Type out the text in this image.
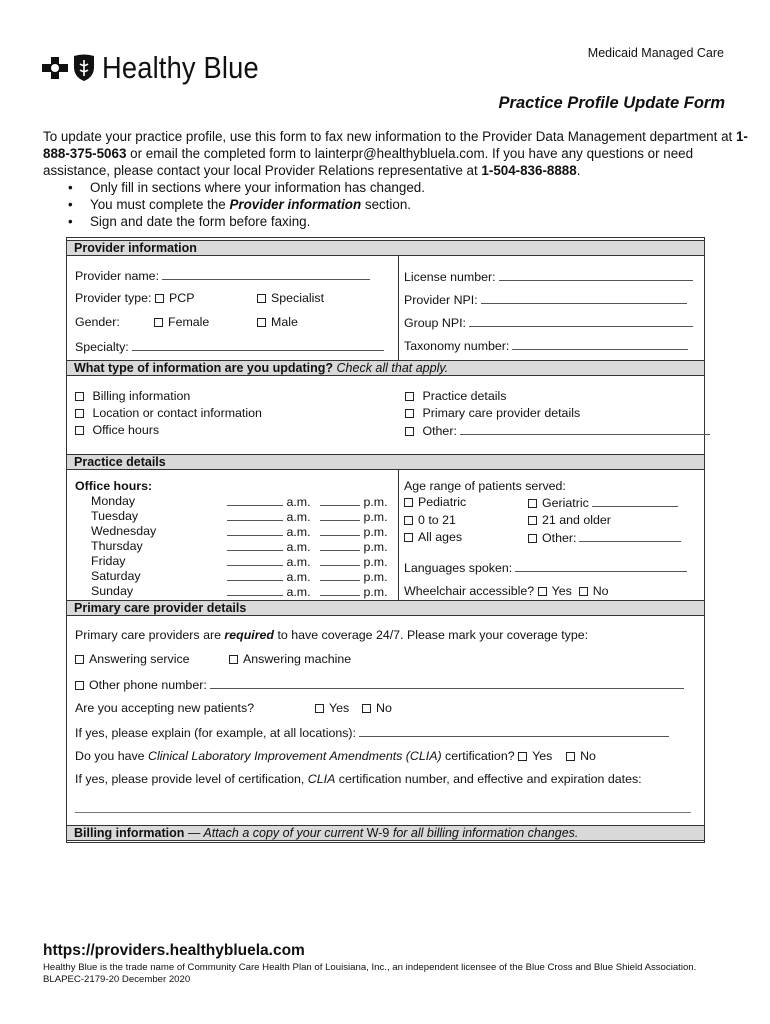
Healthy Blue	Medicaid Managed Care
Practice Profile Update Form
To update your practice profile, use this form to fax new information to the Provider Data Management department at 1-888-375-5063 or email the completed form to lainterpr@healthybluela.com. If you have any questions or need assistance, please contact your local Provider Relations representative at 1-504-836-8888.
• Only fill in sections where your information has changed.
• You must complete the Provider information section.
• Sign and date the form before faxing.
Provider information
Provider name:
Provider type:	PCP	Specialist
Gender:	Female	Male
Specialty:
License number:
Provider NPI:
Group NPI:
Taxonomy number:
What type of information are you updating? Check all that apply.
Billing information
Location or contact information
Office hours
Practice details
Primary care provider details
Other:
Practice details
Office hours:
Monday	a.m.	p.m.
Tuesday	a.m.	p.m.
Wednesday	a.m.	p.m.
Thursday	a.m.	p.m.
Friday	a.m.	p.m.
Saturday	a.m.	p.m.
Sunday	a.m.	p.m.
Age range of patients served:
Pediatric	Geriatric
0 to 21	21 and older
All ages	Other:
Languages spoken:
Wheelchair accessible? Yes No
Primary care provider details
Primary care providers are required to have coverage 24/7. Please mark your coverage type:
Answering service	Answering machine
Other phone number:
Are you accepting new patients?	Yes	No
If yes, please explain (for example, at all locations):
Do you have Clinical Laboratory Improvement Amendments (CLIA) certification? Yes No
If yes, please provide level of certification, CLIA certification number, and effective and expiration dates:
Billing information — Attach a copy of your current W-9 for all billing information changes.
https://providers.healthybluela.com
Healthy Blue is the trade name of Community Care Health Plan of Louisiana, Inc., an independent licensee of the Blue Cross and Blue Shield Association.
BLAPEC-2179-20 December 2020
